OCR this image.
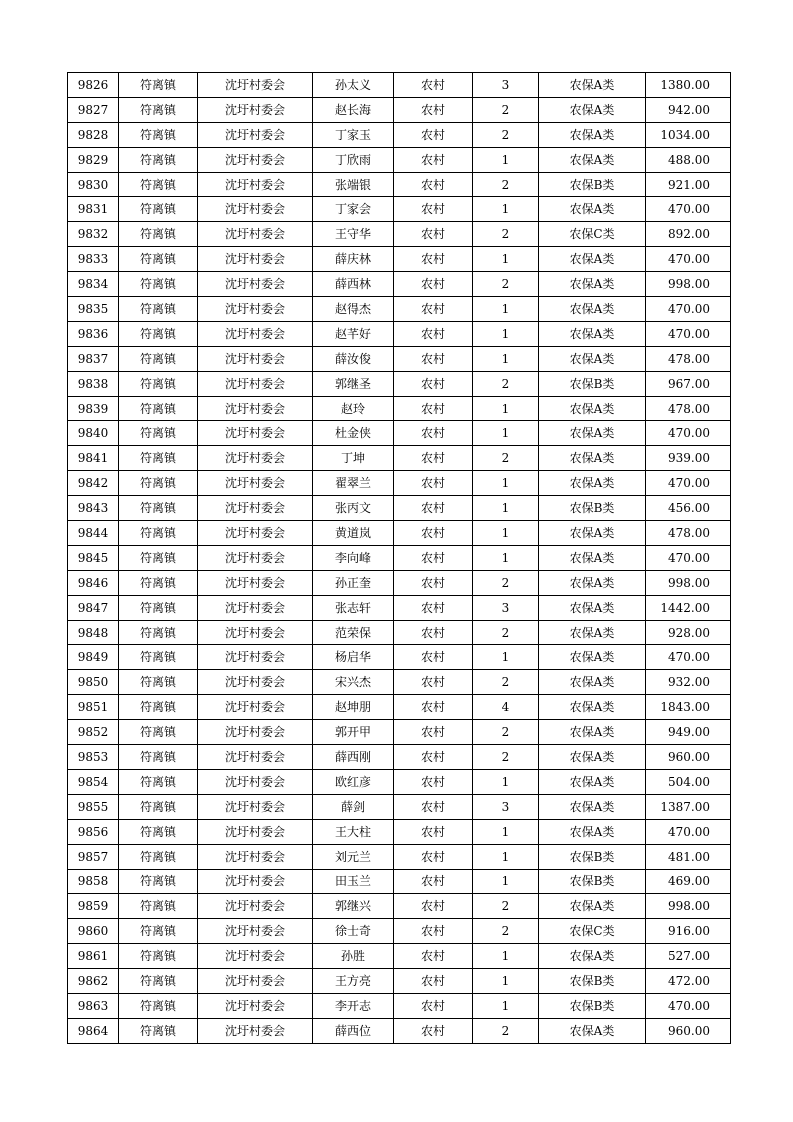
9826	符离镇	沈圩村委会	孙太义	农村	3	农保A类	1380.00
9827	符离镇	沈圩村委会	赵长海	农村	2	农保A类	942.00
9828	符离镇	沈圩村委会	丁家玉	农村	2	农保A类	1034.00
9829	符离镇	沈圩村委会	丁欣雨	农村	1	农保A类	488.00
9830	符离镇	沈圩村委会	张端银	农村	2	农保B类	921.00
9831	符离镇	沈圩村委会	丁家会	农村	1	农保A类	470.00
9832	符离镇	沈圩村委会	王守华	农村	2	农保C类	892.00
9833	符离镇	沈圩村委会	薛庆林	农村	1	农保A类	470.00
9834	符离镇	沈圩村委会	薛西林	农村	2	农保A类	998.00
9835	符离镇	沈圩村委会	赵得杰	农村	1	农保A类	470.00
9836	符离镇	沈圩村委会	赵芊好	农村	1	农保A类	470.00
9837	符离镇	沈圩村委会	薛汝俊	农村	1	农保A类	478.00
9838	符离镇	沈圩村委会	郭继圣	农村	2	农保B类	967.00
9839	符离镇	沈圩村委会	赵玲	农村	1	农保A类	478.00
9840	符离镇	沈圩村委会	杜金侠	农村	1	农保A类	470.00
9841	符离镇	沈圩村委会	丁坤	农村	2	农保A类	939.00
9842	符离镇	沈圩村委会	翟翠兰	农村	1	农保A类	470.00
9843	符离镇	沈圩村委会	张丙文	农村	1	农保B类	456.00
9844	符离镇	沈圩村委会	黄道岚	农村	1	农保A类	478.00
9845	符离镇	沈圩村委会	李向峰	农村	1	农保A类	470.00
9846	符离镇	沈圩村委会	孙正奎	农村	2	农保A类	998.00
9847	符离镇	沈圩村委会	张志轩	农村	3	农保A类	1442.00
9848	符离镇	沈圩村委会	范荣保	农村	2	农保A类	928.00
9849	符离镇	沈圩村委会	杨启华	农村	1	农保A类	470.00
9850	符离镇	沈圩村委会	宋兴杰	农村	2	农保A类	932.00
9851	符离镇	沈圩村委会	赵坤朋	农村	4	农保A类	1843.00
9852	符离镇	沈圩村委会	郭开甲	农村	2	农保A类	949.00
9853	符离镇	沈圩村委会	薛西刚	农村	2	农保A类	960.00
9854	符离镇	沈圩村委会	欧红彦	农村	1	农保A类	504.00
9855	符离镇	沈圩村委会	薛剑	农村	3	农保A类	1387.00
9856	符离镇	沈圩村委会	王大柱	农村	1	农保A类	470.00
9857	符离镇	沈圩村委会	刘元兰	农村	1	农保B类	481.00
9858	符离镇	沈圩村委会	田玉兰	农村	1	农保B类	469.00
9859	符离镇	沈圩村委会	郭继兴	农村	2	农保A类	998.00
9860	符离镇	沈圩村委会	徐士奇	农村	2	农保C类	916.00
9861	符离镇	沈圩村委会	孙胜	农村	1	农保A类	527.00
9862	符离镇	沈圩村委会	王方亮	农村	1	农保B类	472.00
9863	符离镇	沈圩村委会	李开志	农村	1	农保B类	470.00
9864	符离镇	沈圩村委会	薛西位	农村	2	农保A类	960.00
